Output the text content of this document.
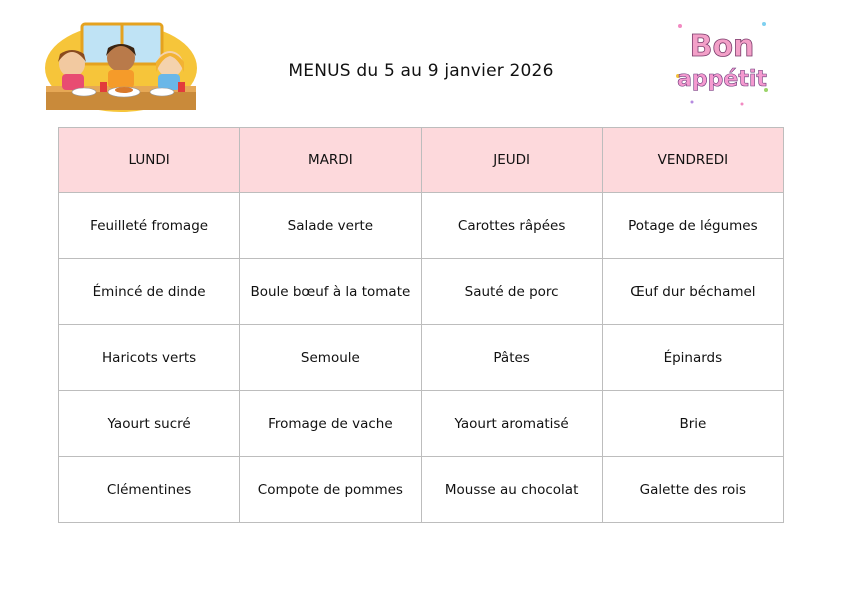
MENUS du 5 au 9 janvier 2026
Bon
appétit
LUNDI	MARDI	JEUDI	VENDREDI
Feuilleté fromage	Salade verte	Carottes râpées	Potage de légumes
Émincé de dinde	Boule bœuf à la tomate	Sauté de porc	Œuf dur béchamel
Haricots verts	Semoule	Pâtes	Épinards
Yaourt sucré	Fromage de vache	Yaourt aromatisé	Brie
Clémentines	Compote de pommes	Mousse au chocolat	Galette des rois
